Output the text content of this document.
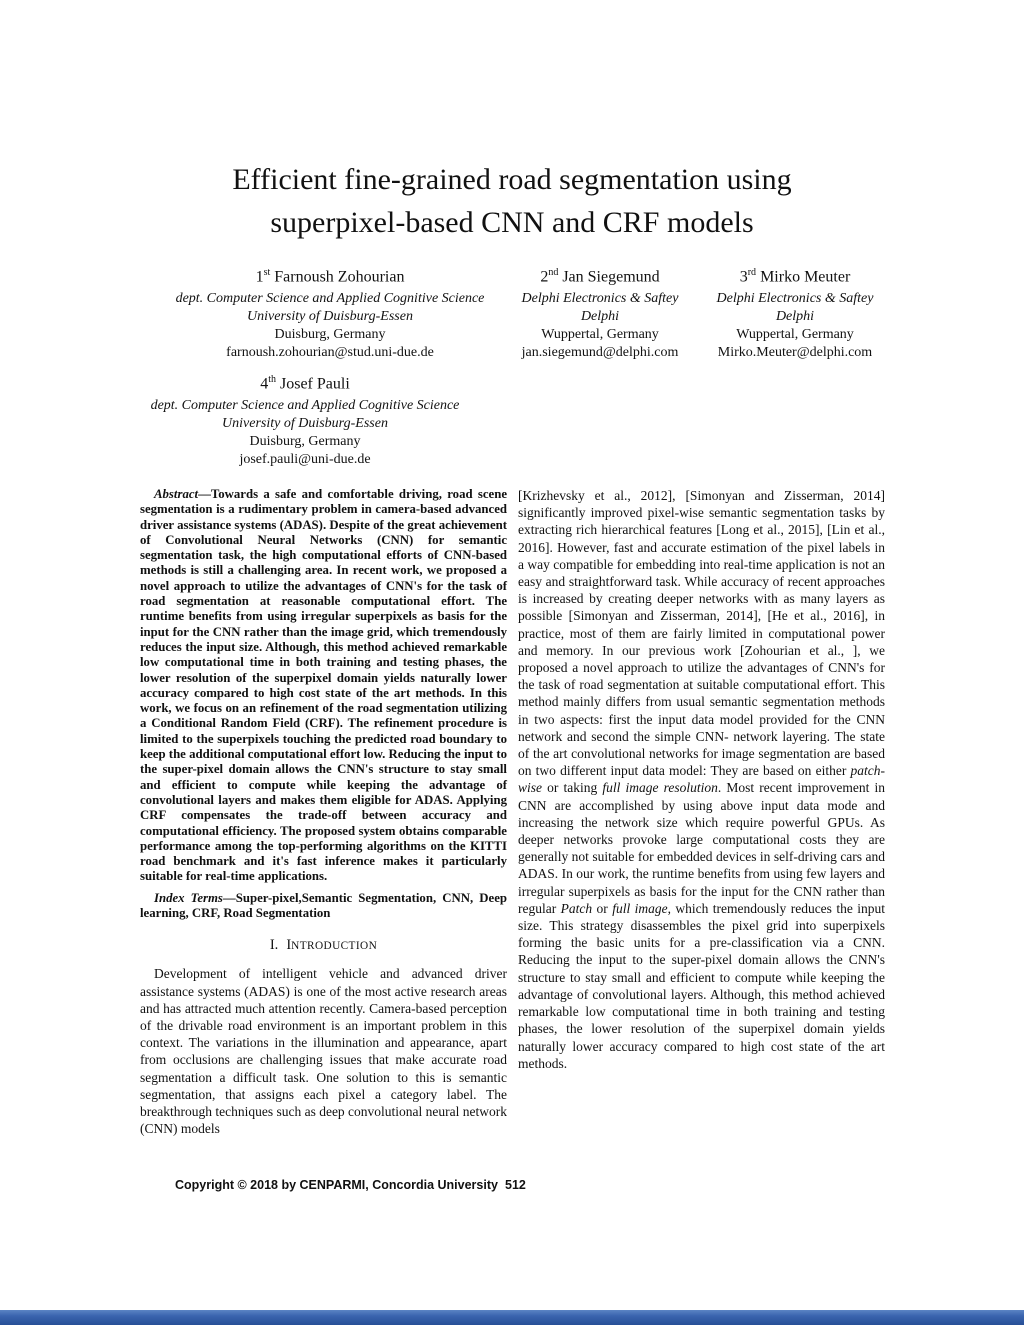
Efficient fine-grained road segmentation using
superpixel-based CNN and CRF models
1st Farnoush Zohourian
dept. Computer Science and Applied Cognitive Science
University of Duisburg-Essen
Duisburg, Germany
farnoush.zohourian@stud.uni-due.de
2nd Jan Siegemund
Delphi Electronics & Saftey
Delphi
Wuppertal, Germany
jan.siegemund@delphi.com
3rd Mirko Meuter
Delphi Electronics & Saftey
Delphi
Wuppertal, Germany
Mirko.Meuter@delphi.com
4th Josef Pauli
dept. Computer Science and Applied Cognitive Science
University of Duisburg-Essen
Duisburg, Germany
josef.pauli@uni-due.de

Abstract—Towards a safe and comfortable driving, road scene segmentation is a rudimentary problem in camera-based advanced driver assistance systems (ADAS). Despite of the great achievement of Convolutional Neural Networks (CNN) for semantic segmentation task, the high computational efforts of CNN-based methods is still a challenging area. In recent work, we proposed a novel approach to utilize the advantages of CNN's for the task of road segmentation at reasonable computational effort. The runtime benefits from using irregular superpixels as basis for the input for the CNN rather than the image grid, which tremendously reduces the input size. Although, this method achieved remarkable low computational time in both training and testing phases, the lower resolution of the superpixel domain yields naturally lower accuracy compared to high cost state of the art methods. In this work, we focus on an refinement of the road segmentation utilizing a Conditional Random Field (CRF). The refinement procedure is limited to the superpixels touching the predicted road boundary to keep the additional computational effort low. Reducing the input to the super-pixel domain allows the CNN's structure to stay small and efficient to compute while keeping the advantage of convolutional layers and makes them eligible for ADAS. Applying CRF compensates the trade-off between accuracy and computational efficiency. The proposed system obtains comparable performance among the top-performing algorithms on the KITTI road benchmark and it's fast inference makes it particularly suitable for real-time applications.

Index Terms—Super-pixel,Semantic Segmentation, CNN, Deep learning, CRF, Road Segmentation

I. INTRODUCTION

Development of intelligent vehicle and advanced driver assistance systems (ADAS) is one of the most active research areas and has attracted much attention recently. Camera-based perception of the drivable road environment is an important problem in this context. The variations in the illumination and appearance, apart from occlusions are challenging issues that make accurate road segmentation a difficult task. One solution to this is semantic segmentation, that assigns each pixel a category label. The breakthrough techniques such as deep convolutional neural network (CNN) models

[Krizhevsky et al., 2012], [Simonyan and Zisserman, 2014] significantly improved pixel-wise semantic segmentation tasks by extracting rich hierarchical features [Long et al., 2015], [Lin et al., 2016]. However, fast and accurate estimation of the pixel labels in a way compatible for embedding into real-time application is not an easy and straightforward task. While accuracy of recent approaches is increased by creating deeper networks with as many layers as possible [Simonyan and Zisserman, 2014], [He et al., 2016], in practice, most of them are fairly limited in computational power and memory. In our previous work [Zohourian et al., ], we proposed a novel approach to utilize the advantages of CNN's for the task of road segmentation at suitable computational effort. This method mainly differs from usual semantic segmentation methods in two aspects: first the input data model provided for the CNN network and second the simple CNN- network layering. The state of the art convolutional networks for image segmentation are based on two different input data model: They are based on either patch-wise or taking full image resolution. Most recent improvement in CNN are accomplished by using above input data mode and increasing the network size which require powerful GPUs. As deeper networks provoke large computational costs they are generally not suitable for embedded devices in self-driving cars and ADAS. In our work, the runtime benefits from using few layers and irregular superpixels as basis for the input for the CNN rather than regular Patch or full image, which tremendously reduces the input size. This strategy disassembles the pixel grid into superpixels forming the basic units for a pre-classification via a CNN. Reducing the input to the super-pixel domain allows the CNN's structure to stay small and efficient to compute while keeping the advantage of convolutional layers. Although, this method achieved remarkable low computational time in both training and testing phases, the lower resolution of the superpixel domain yields naturally lower accuracy compared to high cost state of the art methods.

Copyright © 2018 by CENPARMI, Concordia University 512
